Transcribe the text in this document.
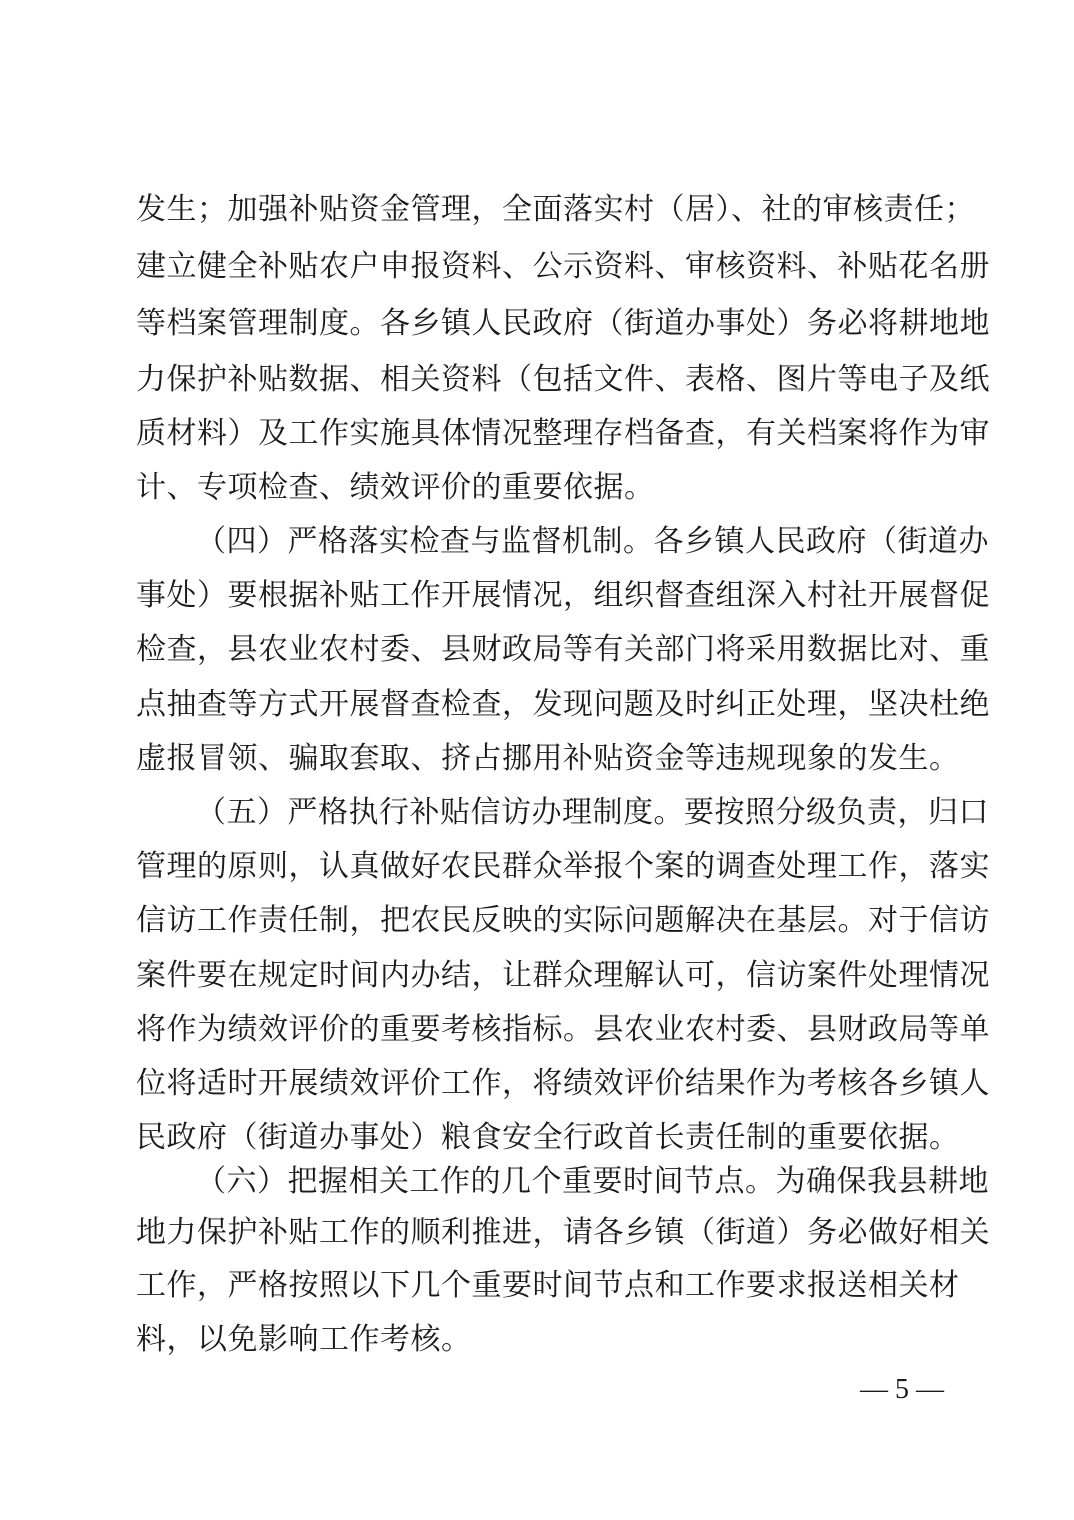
发生；加强补贴资金管理，全面落实村（居）、社的审核责任；
建立健全补贴农户申报资料、公示资料、审核资料、补贴花名册
等档案管理制度。各乡镇人民政府（街道办事处）务必将耕地地
力保护补贴数据、相关资料（包括文件、表格、图片等电子及纸
质材料）及工作实施具体情况整理存档备查，有关档案将作为审
计、专项检查、绩效评价的重要依据。
（四）严格落实检查与监督机制。各乡镇人民政府（街道办
事处）要根据补贴工作开展情况，组织督查组深入村社开展督促
检查，县农业农村委、县财政局等有关部门将采用数据比对、重
点抽查等方式开展督查检查，发现问题及时纠正处理，坚决杜绝
虚报冒领、骗取套取、挤占挪用补贴资金等违规现象的发生。
（五）严格执行补贴信访办理制度。要按照分级负责，归口
管理的原则，认真做好农民群众举报个案的调查处理工作，落实
信访工作责任制，把农民反映的实际问题解决在基层。对于信访
案件要在规定时间内办结，让群众理解认可，信访案件处理情况
将作为绩效评价的重要考核指标。县农业农村委、县财政局等单
位将适时开展绩效评价工作，将绩效评价结果作为考核各乡镇人
民政府（街道办事处）粮食安全行政首长责任制的重要依据。
（六）把握相关工作的几个重要时间节点。为确保我县耕地
地力保护补贴工作的顺利推进，请各乡镇（街道）务必做好相关
工作，严格按照以下几个重要时间节点和工作要求报送相关材
料，以免影响工作考核。
— 5 —
